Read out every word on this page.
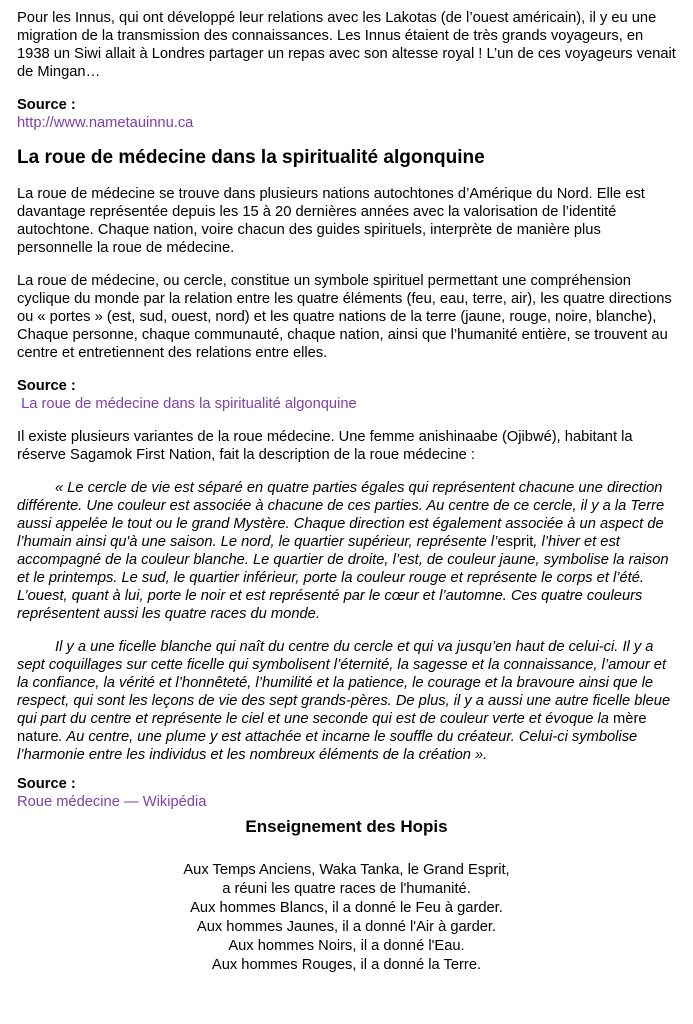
Pour les Innus, qui ont développé leur relations avec les Lakotas (de l’ouest américain), il y eu une migration de la transmission des connaissances. Les Innus étaient de très grands voyageurs, en 1938 un Siwi allait à Londres partager un repas avec son altesse royal ! L’un de ces voyageurs venait de Mingan…

Source :
http://www.nametauinnu.ca
La roue de médecine dans la spiritualité algonquine

La roue de médecine se trouve dans plusieurs nations autochtones d’Amérique du Nord. Elle est davantage représentée depuis les 15 à 20 dernières années avec la valorisation de l’identité autochtone. Chaque nation, voire chacun des guides spirituels, interprète de manière plus personnelle la roue de médecine.

La roue de médecine, ou cercle, constitue un symbole spirituel permettant une compréhension cyclique du monde par la relation entre les quatre éléments (feu, eau, terre, air), les quatre directions ou « portes » (est, sud, ouest, nord) et les quatre nations de la terre (jaune, rouge, noire, blanche), Chaque personne, chaque communauté, chaque nation, ainsi que l’humanité entière, se trouvent au centre et entretiennent des relations entre elles.

Source :
La roue de médecine dans la spiritualité algonquine

Il existe plusieurs variantes de la roue médecine. Une femme anishinaabe (Ojibwé), habitant la réserve Sagamok First Nation, fait la description de la roue médecine :

« Le cercle de vie est séparé en quatre parties égales qui représentent chacune une direction différente. Une couleur est associée à chacune de ces parties. Au centre de ce cercle, il y a la Terre aussi appelée le tout ou le grand Mystère. Chaque direction est également associée à un aspect de l’humain ainsi qu'à une saison. Le nord, le quartier supérieur, représente l’esprit, l’hiver et est accompagné de la couleur blanche. Le quartier de droite, l’est, de couleur jaune, symbolise la raison et le printemps. Le sud, le quartier inférieur, porte la couleur rouge et représente le corps et l’été. L’ouest, quant à lui, porte le noir et est représenté par le cœur et l’automne. Ces quatre couleurs représentent aussi les quatre races du monde.

Il y a une ficelle blanche qui naît du centre du cercle et qui va jusqu’en haut de celui-ci. Il y a sept coquillages sur cette ficelle qui symbolisent l’éternité, la sagesse et la connaissance, l’amour et la confiance, la vérité et l’honnêteté, l’humilité et la patience, le courage et la bravoure ainsi que le respect, qui sont les leçons de vie des sept grands-pères. De plus, il y a aussi une autre ficelle bleue qui part du centre et représente le ciel et une seconde qui est de couleur verte et évoque la mère nature. Au centre, une plume y est attachée et incarne le souffle du créateur. Celui-ci symbolise l’harmonie entre les individus et les nombreux éléments de la création ».

Source :
Roue médecine — Wikipédia
Enseignement des Hopis
Aux Temps Anciens, Waka Tanka, le Grand Esprit,
a réuni les quatre races de l'humanité.
Aux hommes Blancs, il a donné le Feu à garder.
Aux hommes Jaunes, il a donné l'Air à garder.
Aux hommes Noirs, il a donné l'Eau.
Aux hommes Rouges, il a donné la Terre.
